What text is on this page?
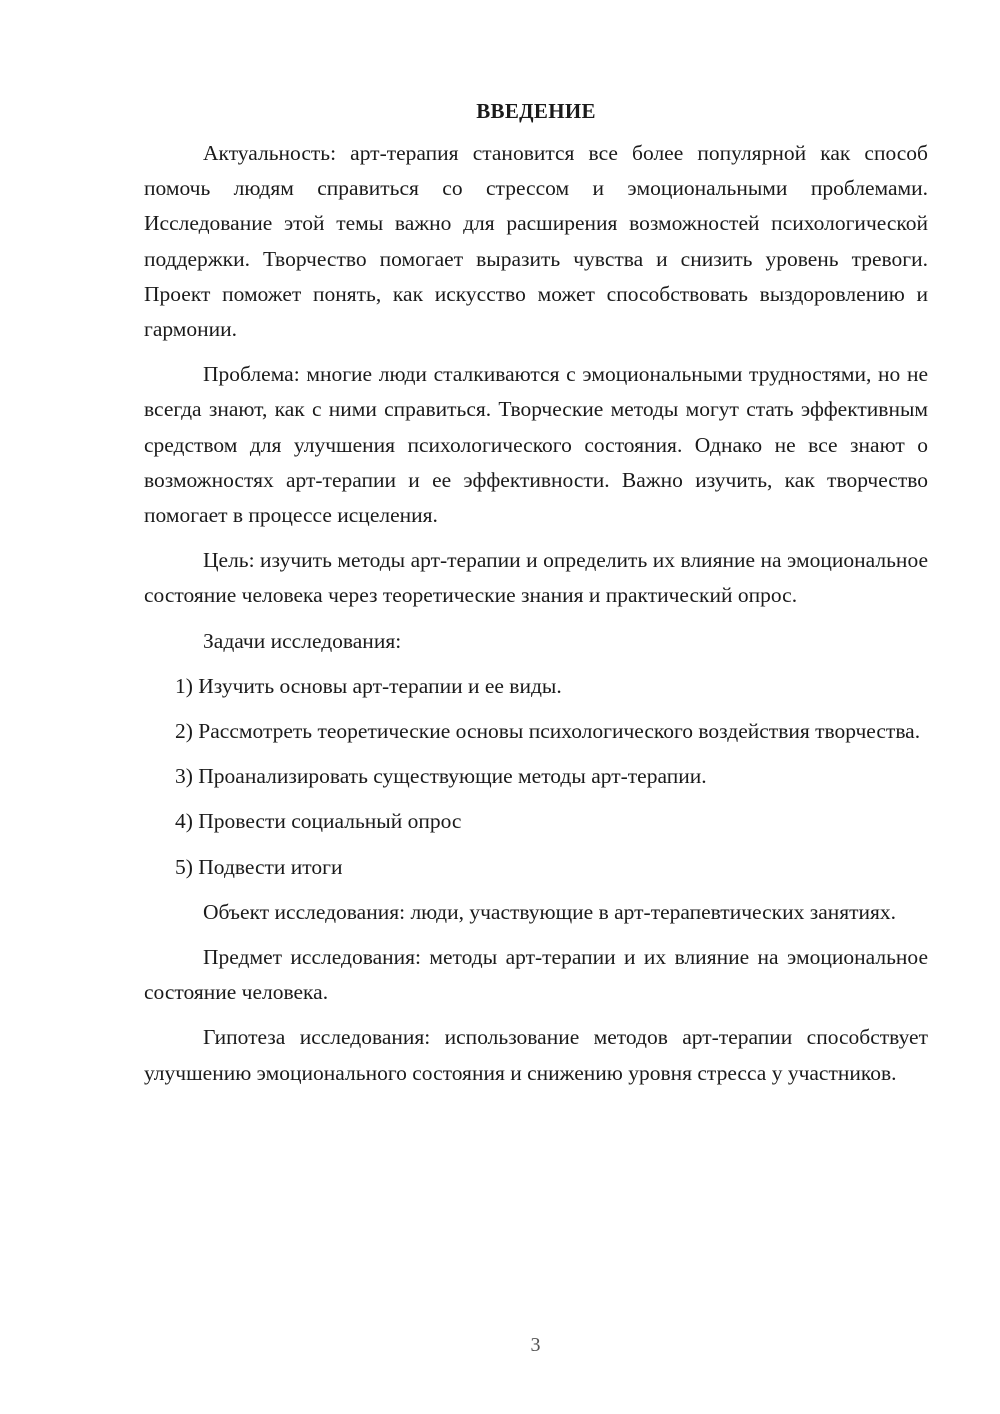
ВВЕДЕНИЕ

Актуальность: арт-терапия становится все более популярной как способ помочь людям справиться со стрессом и эмоциональными проблемами. Исследование этой темы важно для расширения возможностей психологической поддержки. Творчество помогает выразить чувства и снизить уровень тревоги. Проект поможет понять, как искусство может способствовать выздоровлению и гармонии.

Проблема: многие люди сталкиваются с эмоциональными трудностями, но не всегда знают, как с ними справиться. Творческие методы могут стать эффективным средством для улучшения психологического состояния. Однако не все знают о возможностях арт-терапии и ее эффективности. Важно изучить, как творчество помогает в процессе исцеления.

Цель: изучить методы арт-терапии и определить их влияние на эмоциональное состояние человека через теоретические знания и практический опрос.

Задачи исследования:

1) Изучить основы арт-терапии и ее виды.

2) Рассмотреть теоретические основы психологического воздействия творчества.

3) Проанализировать существующие методы арт-терапии.

4) Провести социальный опрос

5) Подвести итоги

Объект исследования: люди, участвующие в арт-терапевтических занятиях.

Предмет исследования: методы арт-терапии и их влияние на эмоциональное состояние человека.

Гипотеза исследования: использование методов арт-терапии способствует улучшению эмоционального состояния и снижению уровня стресса у участников.

3
